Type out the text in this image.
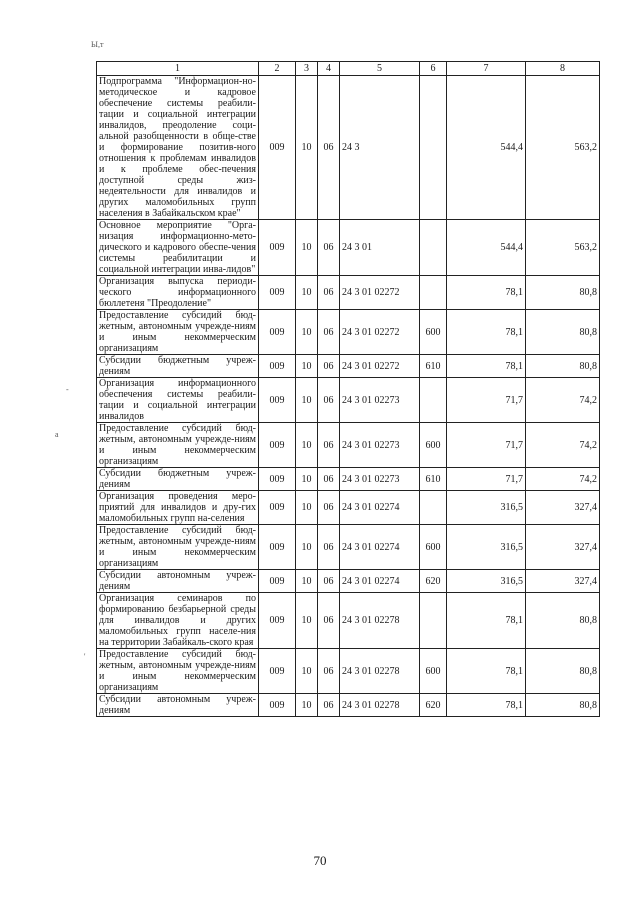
Ы,т
-
а
'
1	2	3	4	5	6	7	8
Подпрограмма "Информацион-но-методическое и кадровое обеспечение системы реабили-тации и социальной интеграции инвалидов, преодоление соци-альной разобщенности в обще-стве и формирование позитив-ного отношения к проблемам инвалидов и к проблеме обес-печения доступной среды жиз-недеятельности для инвалидов и других маломобильных групп населения в Забайкальском крае"	009	10	06	24 3		544,4	563,2
Основное мероприятие "Орга-низация информационно-мето-дического и кадрового обеспе-чения системы реабилитации и социальной интеграции инва-лидов"	009	10	06	24 3 01		544,4	563,2
Организация выпуска периоди-ческого информационного бюллетеня "Преодоление"	009	10	06	24 3 01 02272		78,1	80,8
Предоставление субсидий бюд-жетным, автономным учрежде-ниям и иным некоммерческим организациям	009	10	06	24 3 01 02272	600	78,1	80,8
Субсидии бюджетным учреж-дениям	009	10	06	24 3 01 02272	610	78,1	80,8
Организация информационного обеспечения системы реабили-тации и социальной интеграции инвалидов	009	10	06	24 3 01 02273		71,7	74,2
Предоставление субсидий бюд-жетным, автономным учрежде-ниям и иным некоммерческим организациям	009	10	06	24 3 01 02273	600	71,7	74,2
Субсидии бюджетным учреж-дениям	009	10	06	24 3 01 02273	610	71,7	74,2
Организация проведения меро-приятий для инвалидов и дру-гих маломобильных групп на-селения	009	10	06	24 3 01 02274		316,5	327,4
Предоставление субсидий бюд-жетным, автономным учрежде-ниям и иным некоммерческим организациям	009	10	06	24 3 01 02274	600	316,5	327,4
Субсидии автономным учреж-дениям	009	10	06	24 3 01 02274	620	316,5	327,4
Организация семинаров по формированию безбарьерной среды для инвалидов и других маломобильных групп населе-ния на территории Забайкаль-ского края	009	10	06	24 3 01 02278		78,1	80,8
Предоставление субсидий бюд-жетным, автономным учрежде-ниям и иным некоммерческим организациям	009	10	06	24 3 01 02278	600	78,1	80,8
Субсидии автономным учреж-дениям	009	10	06	24 3 01 02278	620	78,1	80,8
70
